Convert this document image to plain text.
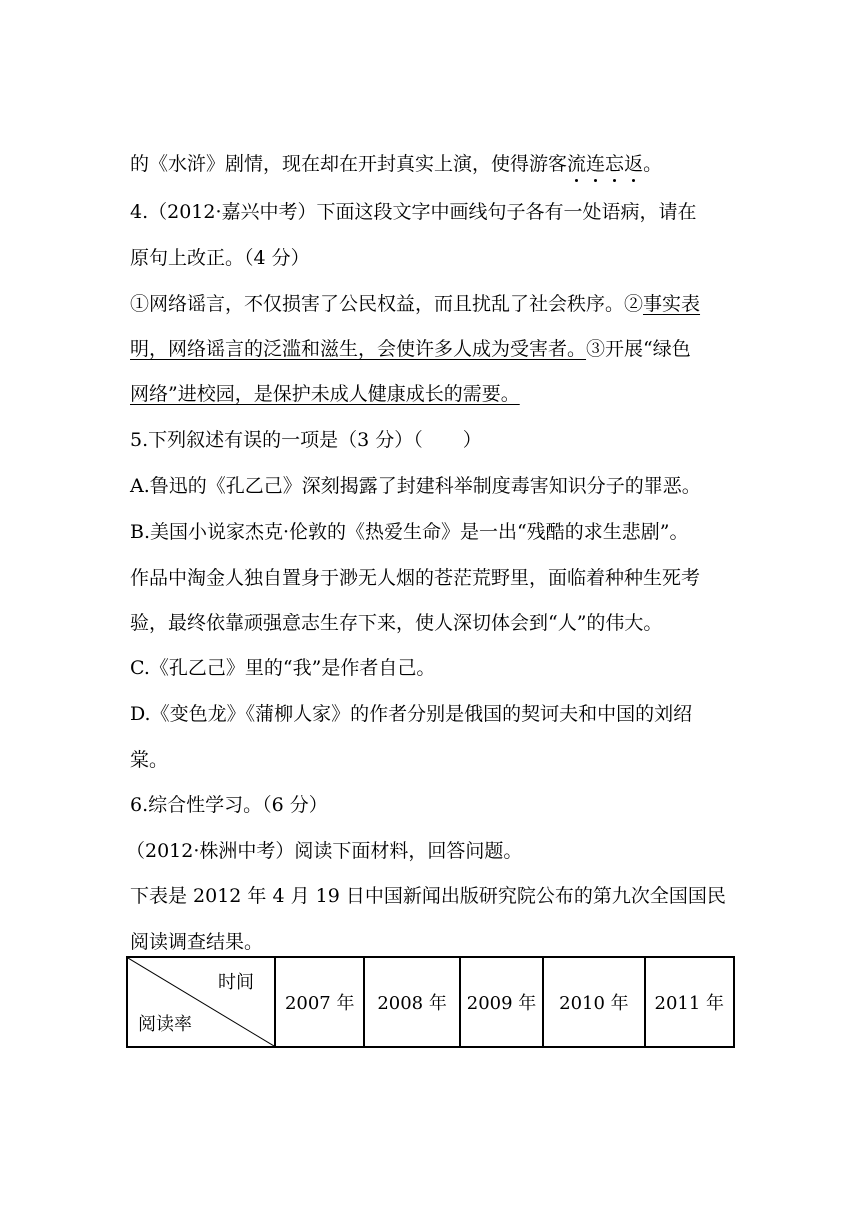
的《水浒》剧情，现在却在开封真实上演，使得游客流连忘返。
4.（2012·嘉兴中考）下面这段文字中画线句子各有一处语病，请在
原句上改正。（4 分）
①网络谣言，不仅损害了公民权益，而且扰乱了社会秩序。②事实表
明，网络谣言的泛滥和滋生，会使许多人成为受害者。③开展“绿色
网络”进校园，是保护未成人健康成长的需要。
5.下列叙述有误的一项是（3 分）（ ）
A.鲁迅的《孔乙己》深刻揭露了封建科举制度毒害知识分子的罪恶。
B.美国小说家杰克·伦敦的《热爱生命》是一出“残酷的求生悲剧”。
作品中淘金人独自置身于渺无人烟的苍茫荒野里，面临着种种生死考
验，最终依靠顽强意志生存下来，使人深切体会到“人”的伟大。
C.《孔乙己》里的“我”是作者自己。
D.《变色龙》《蒲柳人家》的作者分别是俄国的契诃夫和中国的刘绍
棠。
6.综合性学习。（6 分）
（2012·株洲中考）阅读下面材料，回答问题。
下表是 2012 年 4 月 19 日中国新闻出版研究院公布的第九次全国国民
阅读调查结果。
时间
阅读率
	2007 年	2008 年	2009 年	2010 年	2011 年
